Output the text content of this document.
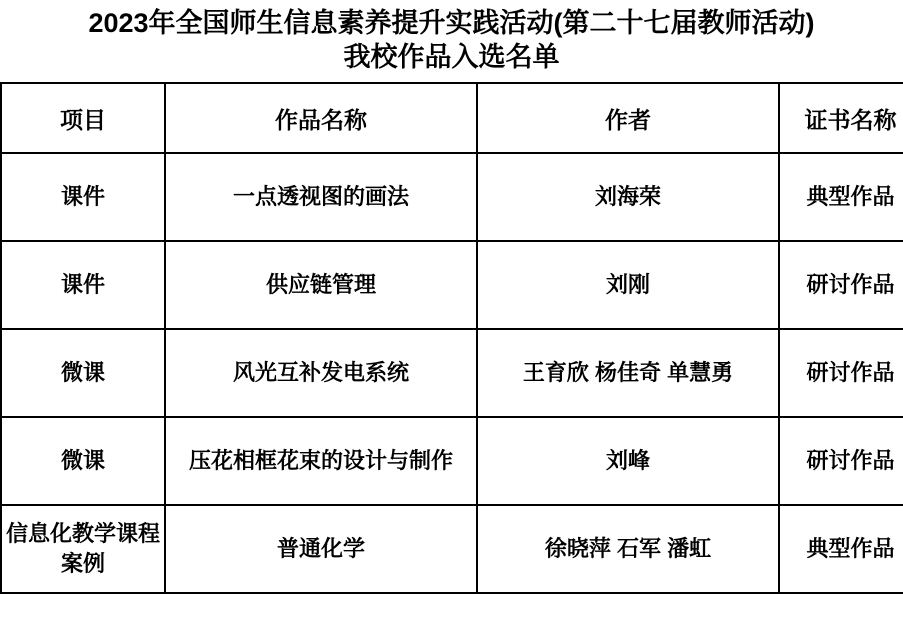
2023年全国师生信息素养提升实践活动(第二十七届教师活动)
我校作品入选名单
项目	作品名称	作者	证书名称
课件	一点透视图的画法	刘海荣	典型作品
课件	供应链管理	刘刚	研讨作品
微课	风光互补发电系统	王育欣 杨佳奇 单慧勇	研讨作品
微课	压花相框花束的设计与制作	刘峰	研讨作品
信息化教学课程案例	普通化学	徐晓萍 石军 潘虹	典型作品
